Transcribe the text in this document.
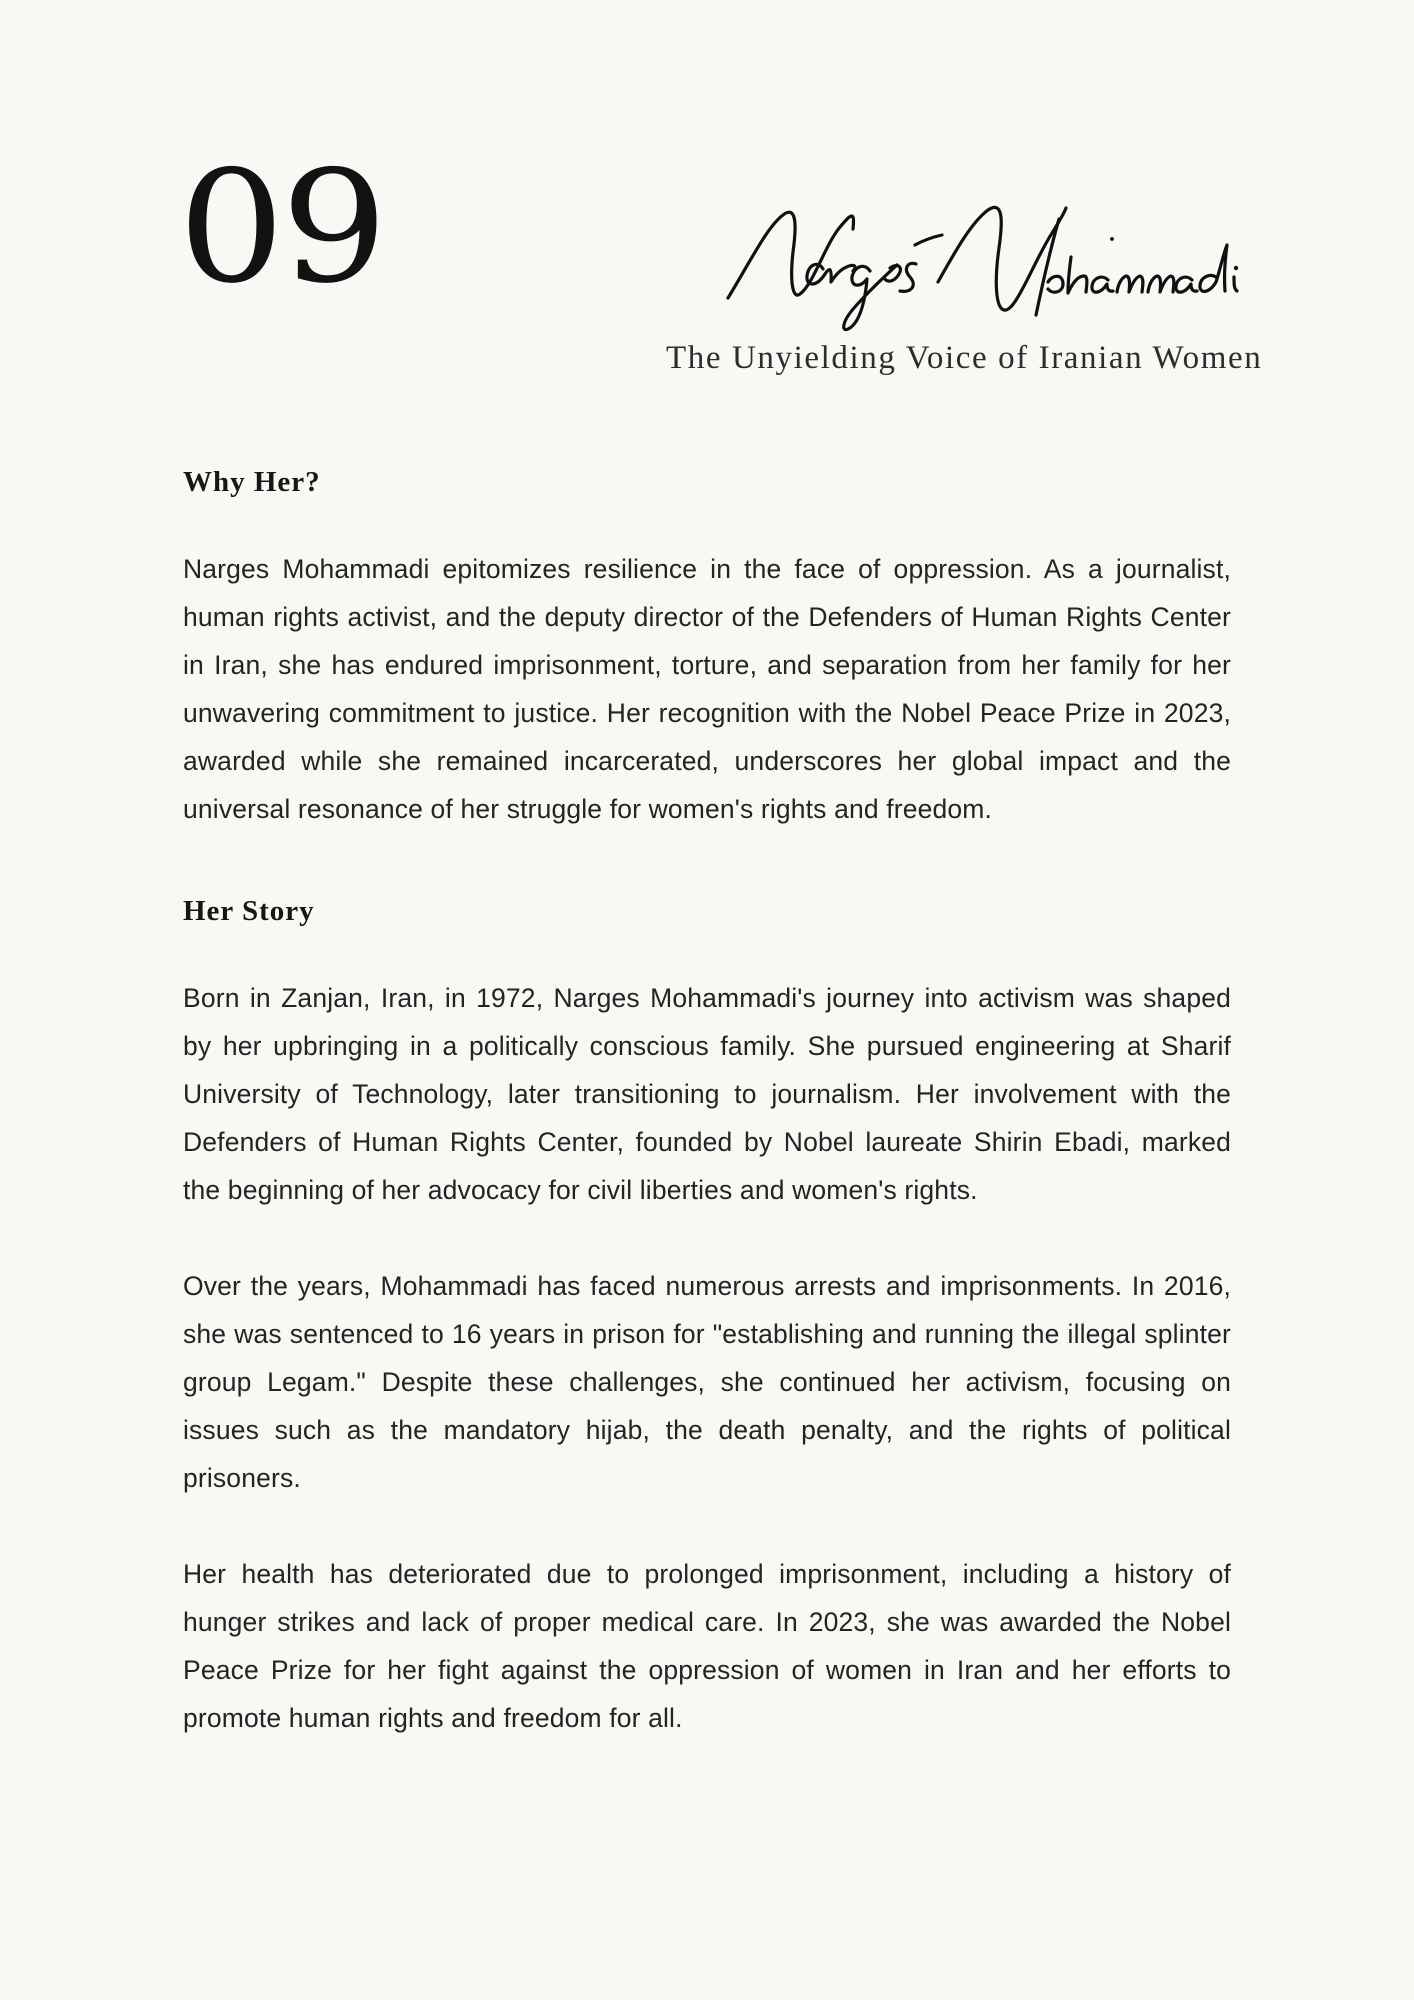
09
The Unyielding Voice of Iranian Women
Why Her?

Narges Mohammadi epitomizes resilience in the face of oppression. As a journalist, human rights activist, and the deputy director of the Defenders of Human Rights Center in Iran, she has endured imprisonment, torture, and separation from her family for her unwavering commitment to justice. Her recognition with the Nobel Peace Prize in 2023, awarded while she remained incarcerated, underscores her global impact and the universal resonance of her struggle for women's rights and freedom.

Her Story

Born in Zanjan, Iran, in 1972, Narges Mohammadi's journey into activism was shaped by her upbringing in a politically conscious family. She pursued engineering at Sharif University of Technology, later transitioning to journalism. Her involvement with the Defenders of Human Rights Center, founded by Nobel laureate Shirin Ebadi, marked the beginning of her advocacy for civil liberties and women's rights.

Over the years, Mohammadi has faced numerous arrests and imprisonments. In 2016, she was sentenced to 16 years in prison for "establishing and running the illegal splinter group Legam." Despite these challenges, she continued her activism, focusing on issues such as the mandatory hijab, the death penalty, and the rights of political prisoners.

Her health has deteriorated due to prolonged imprisonment, including a history of hunger strikes and lack of proper medical care. In 2023, she was awarded the Nobel Peace Prize for her fight against the oppression of women in Iran and her efforts to promote human rights and freedom for all.
